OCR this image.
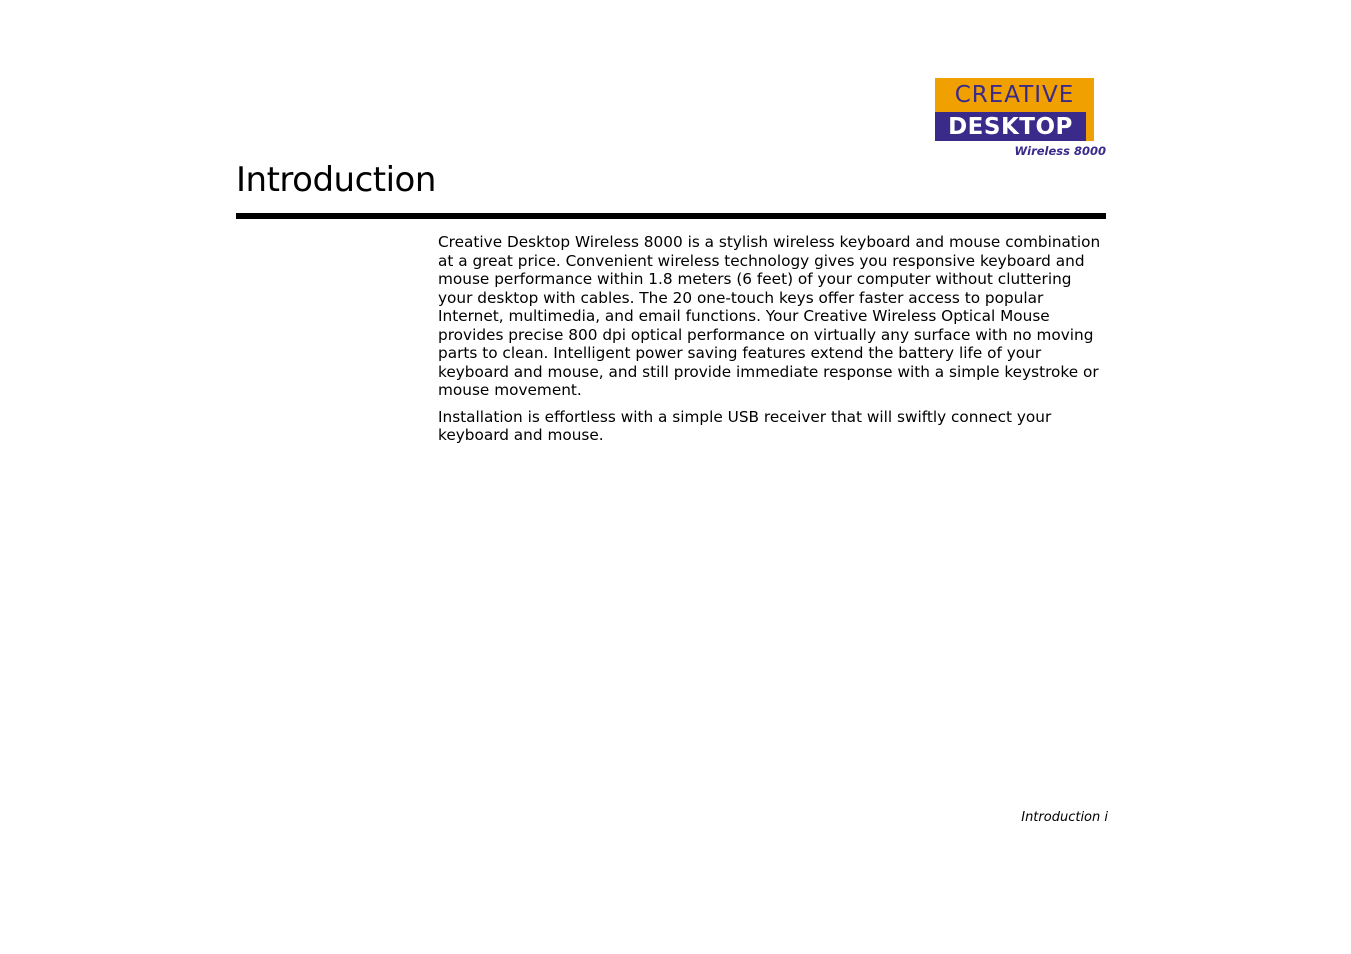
CREATIVE
DESKTOP
Wireless 8000
Introduction

Creative Desktop Wireless 8000 is a stylish wireless keyboard and mouse combination at a great price. Convenient wireless technology gives you responsive keyboard and mouse performance within 1.8 meters (6 feet) of your computer without cluttering your desktop with cables. The 20 one-touch keys offer faster access to popular Internet, multimedia, and email functions. Your Creative Wireless Optical Mouse provides precise 800 dpi optical performance on virtually any surface with no moving parts to clean. Intelligent power saving features extend the battery life of your keyboard and mouse, and still provide immediate response with a simple keystroke or mouse movement.

Installation is effortless with a simple USB receiver that will swiftly connect your keyboard and mouse.

Introduction i
